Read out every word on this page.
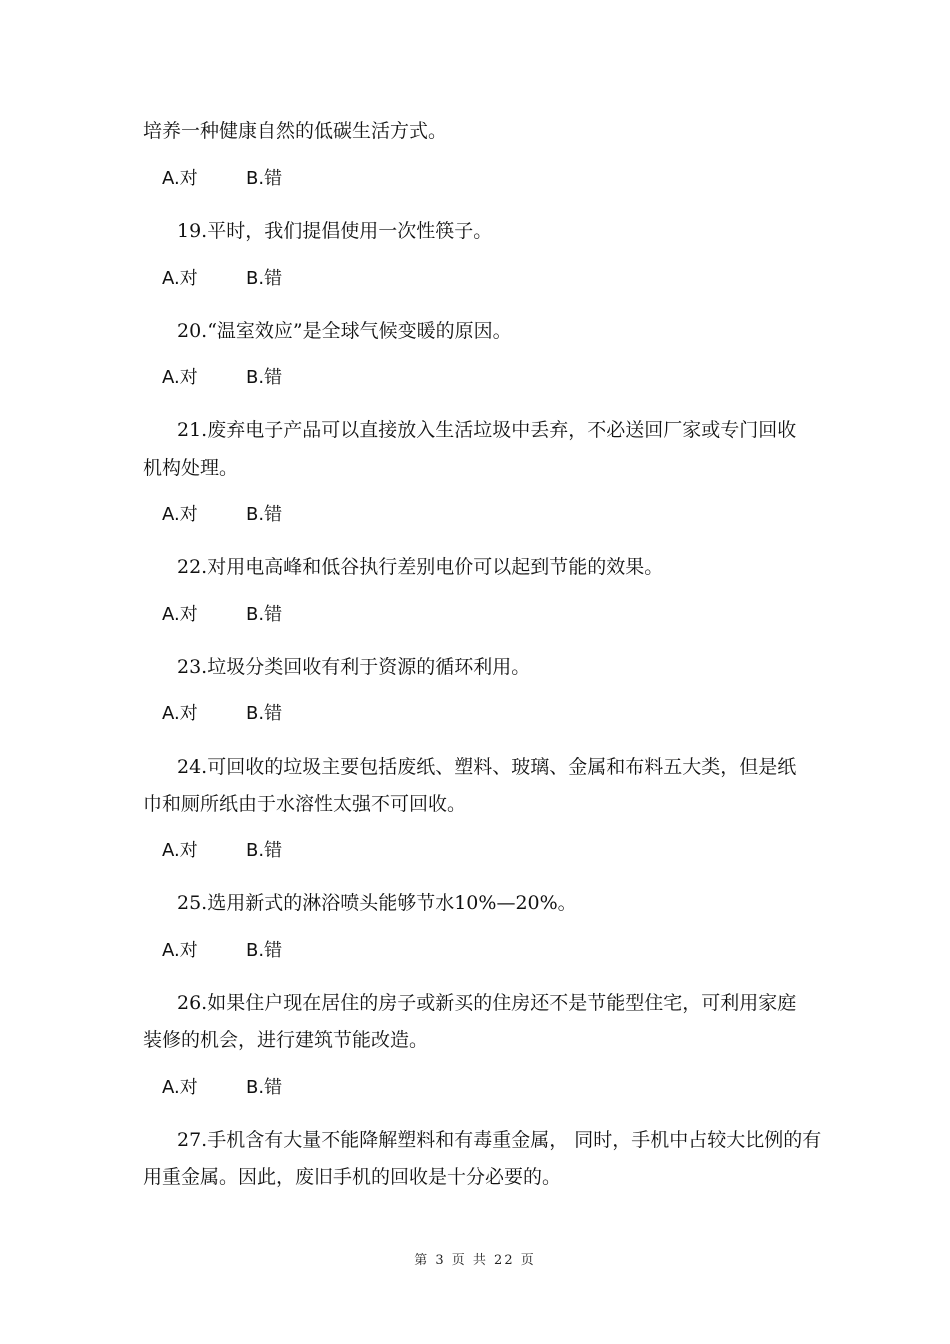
培养一种健康自然的低碳生活方式。
A.对	B.错
19.平时，我们提倡使用一次性筷子。
A.对	B.错
20.“温室效应”是全球气候变暖的原因。
A.对	B.错
21.废弃电子产品可以直接放入生活垃圾中丢弃，不必送回厂家或专门回收
机构处理。
A.对	B.错
22.对用电高峰和低谷执行差别电价可以起到节能的效果。
A.对	B.错
23.垃圾分类回收有利于资源的循环利用。
A.对	B.错
24.可回收的垃圾主要包括废纸、塑料、玻璃、金属和布料五大类，但是纸
巾和厕所纸由于水溶性太强不可回收。
A.对	B.错
25.选用新式的淋浴喷头能够节水10%—20%。
A.对	B.错
26.如果住户现在居住的房子或新买的住房还不是节能型住宅，可利用家庭
装修的机会，进行建筑节能改造。
A.对	B.错
27.手机含有大量不能降解塑料和有毒重金属， 同时，手机中占较大比例的有
用重金属。因此，废旧手机的回收是十分必要的。
第 3 页 共 22 页
